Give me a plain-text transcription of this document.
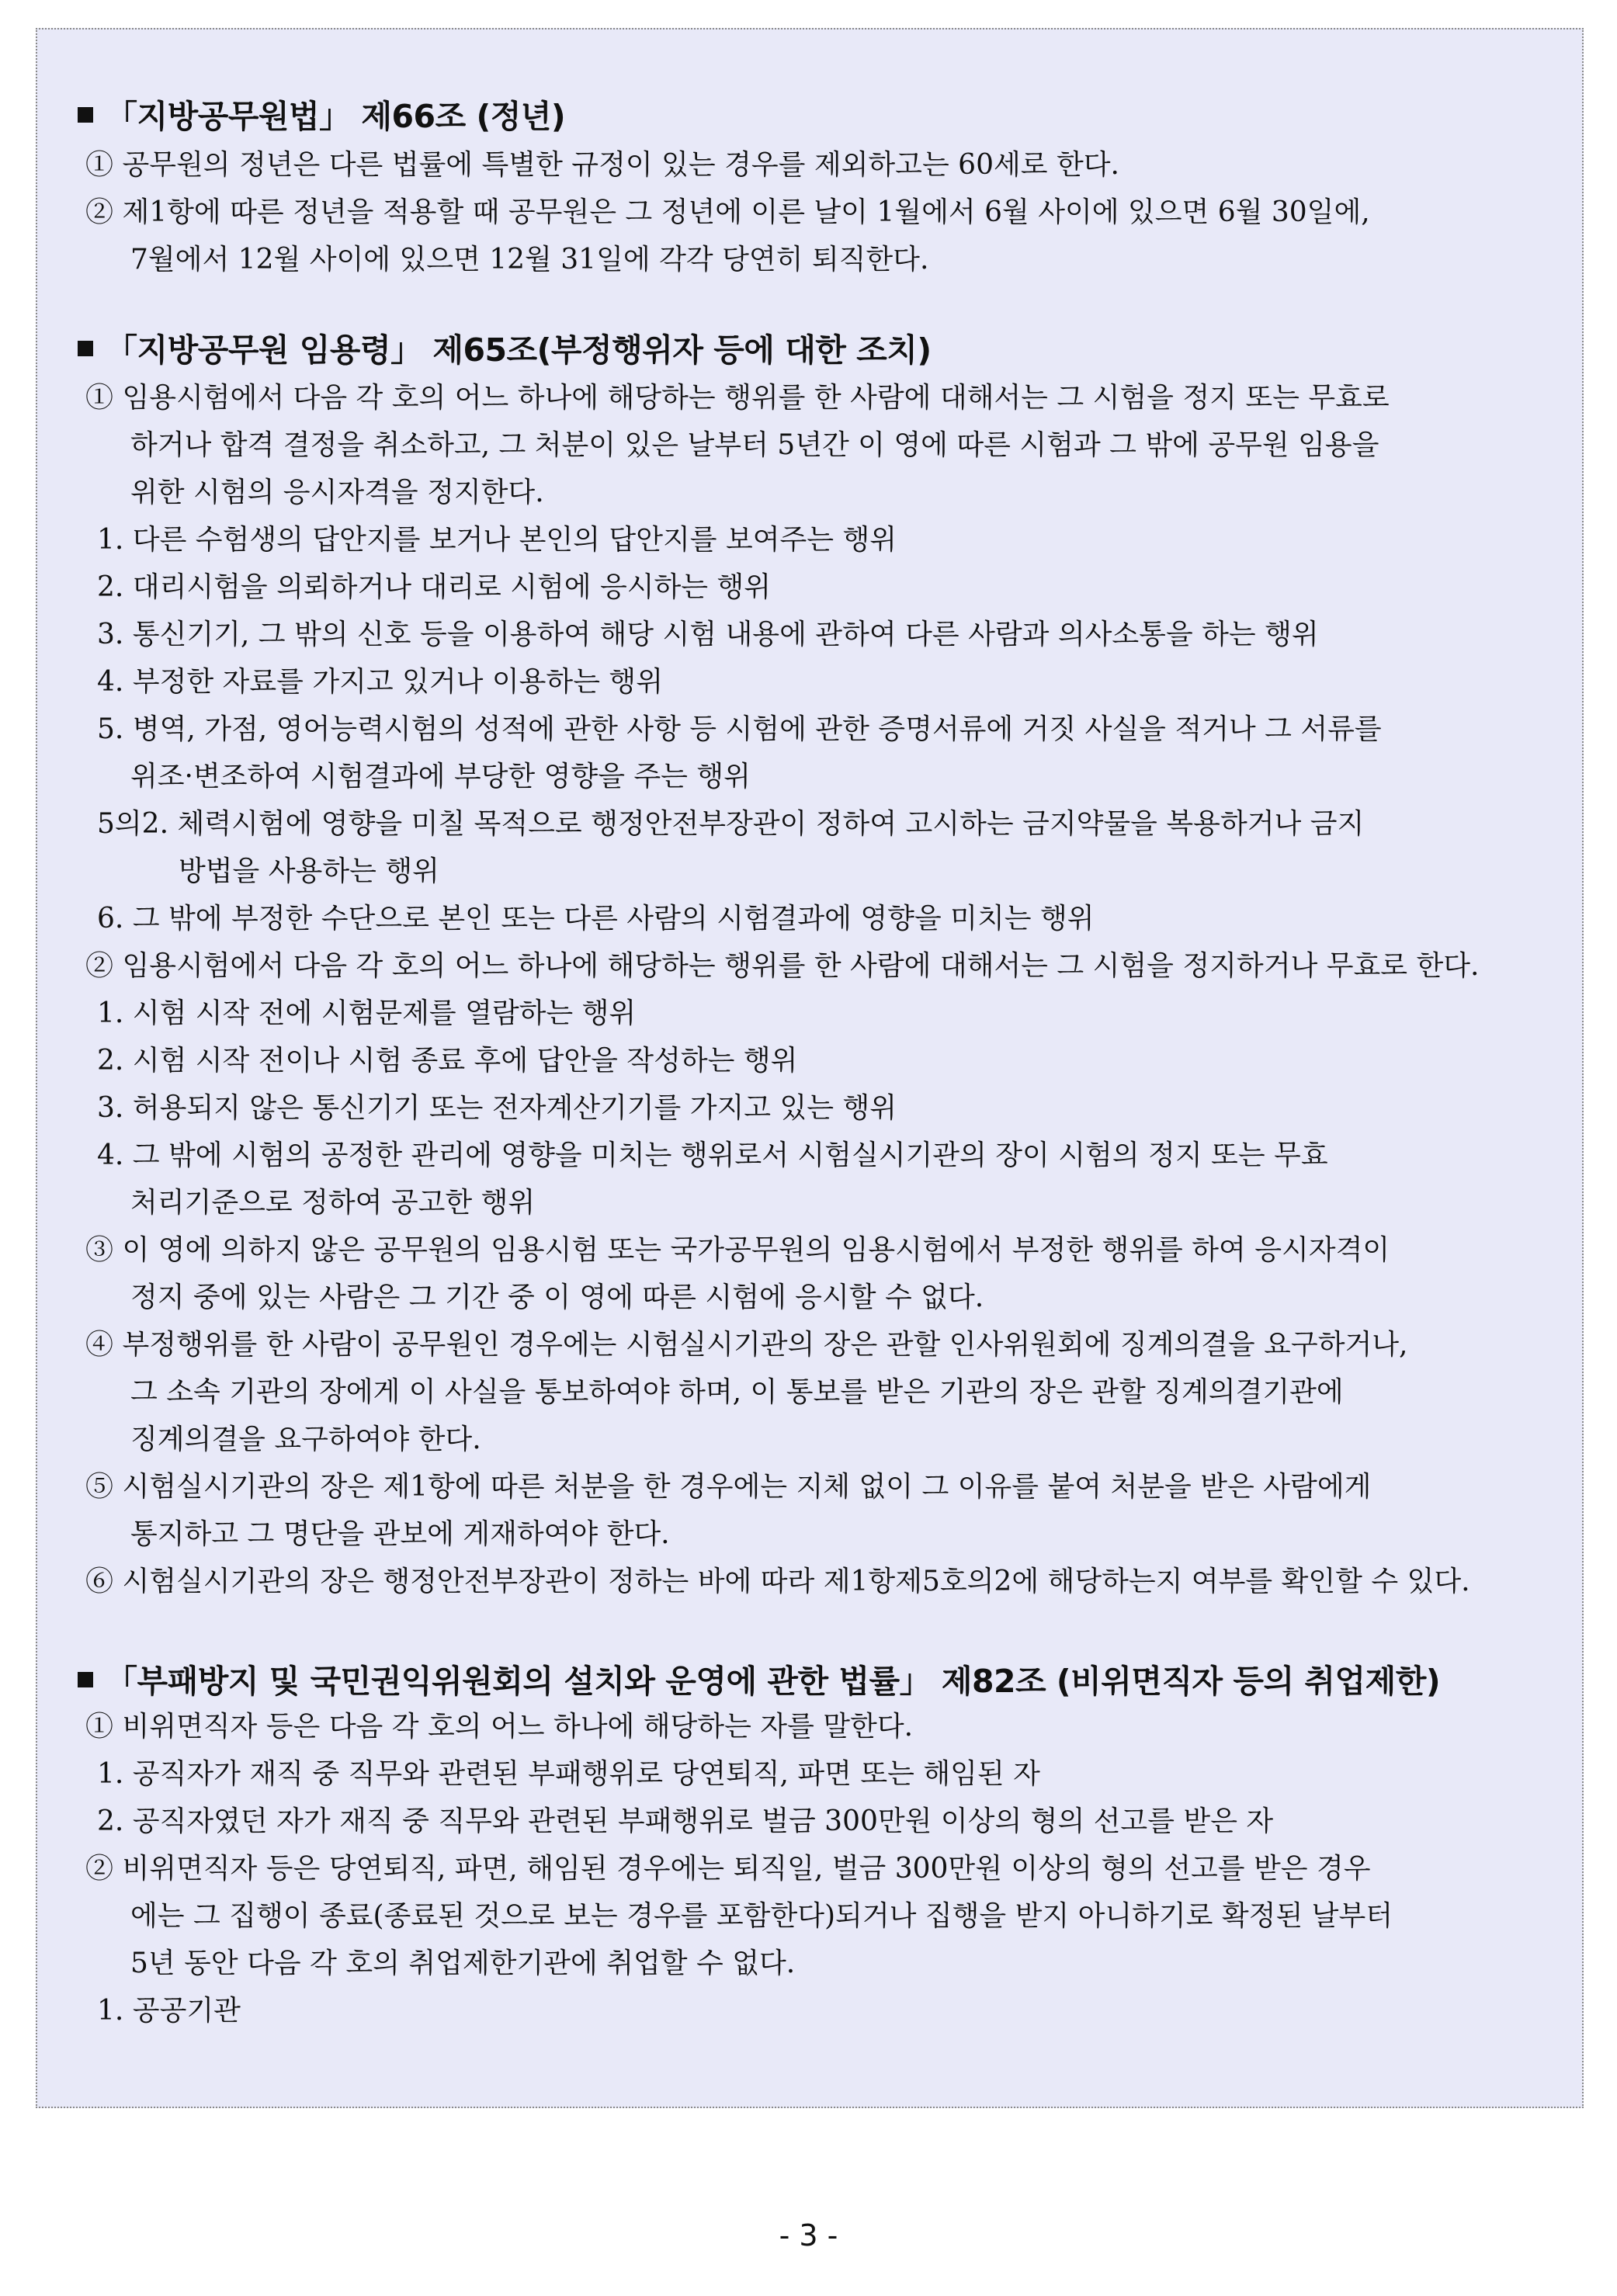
「지방공무원법」 제66조 (정년)
① 공무원의 정년은 다른 법률에 특별한 규정이 있는 경우를 제외하고는 60세로 한다.
② 제1항에 따른 정년을 적용할 때 공무원은 그 정년에 이른 날이 1월에서 6월 사이에 있으면 6월 30일에,
7월에서 12월 사이에 있으면 12월 31일에 각각 당연히 퇴직한다.
「지방공무원 임용령」 제65조(부정행위자 등에 대한 조치)
① 임용시험에서 다음 각 호의 어느 하나에 해당하는 행위를 한 사람에 대해서는 그 시험을 정지 또는 무효로
하거나 합격 결정을 취소하고, 그 처분이 있은 날부터 5년간 이 영에 따른 시험과 그 밖에 공무원 임용을
위한 시험의 응시자격을 정지한다.
1. 다른 수험생의 답안지를 보거나 본인의 답안지를 보여주는 행위
2. 대리시험을 의뢰하거나 대리로 시험에 응시하는 행위
3. 통신기기, 그 밖의 신호 등을 이용하여 해당 시험 내용에 관하여 다른 사람과 의사소통을 하는 행위
4. 부정한 자료를 가지고 있거나 이용하는 행위
5. 병역, 가점, 영어능력시험의 성적에 관한 사항 등 시험에 관한 증명서류에 거짓 사실을 적거나 그 서류를
위조·변조하여 시험결과에 부당한 영향을 주는 행위
5의2. 체력시험에 영향을 미칠 목적으로 행정안전부장관이 정하여 고시하는 금지약물을 복용하거나 금지
방법을 사용하는 행위
6. 그 밖에 부정한 수단으로 본인 또는 다른 사람의 시험결과에 영향을 미치는 행위
② 임용시험에서 다음 각 호의 어느 하나에 해당하는 행위를 한 사람에 대해서는 그 시험을 정지하거나 무효로 한다.
1. 시험 시작 전에 시험문제를 열람하는 행위
2. 시험 시작 전이나 시험 종료 후에 답안을 작성하는 행위
3. 허용되지 않은 통신기기 또는 전자계산기기를 가지고 있는 행위
4. 그 밖에 시험의 공정한 관리에 영향을 미치는 행위로서 시험실시기관의 장이 시험의 정지 또는 무효
처리기준으로 정하여 공고한 행위
③ 이 영에 의하지 않은 공무원의 임용시험 또는 국가공무원의 임용시험에서 부정한 행위를 하여 응시자격이
정지 중에 있는 사람은 그 기간 중 이 영에 따른 시험에 응시할 수 없다.
④ 부정행위를 한 사람이 공무원인 경우에는 시험실시기관의 장은 관할 인사위원회에 징계의결을 요구하거나,
그 소속 기관의 장에게 이 사실을 통보하여야 하며, 이 통보를 받은 기관의 장은 관할 징계의결기관에
징계의결을 요구하여야 한다.
⑤ 시험실시기관의 장은 제1항에 따른 처분을 한 경우에는 지체 없이 그 이유를 붙여 처분을 받은 사람에게
통지하고 그 명단을 관보에 게재하여야 한다.
⑥ 시험실시기관의 장은 행정안전부장관이 정하는 바에 따라 제1항제5호의2에 해당하는지 여부를 확인할 수 있다.
「부패방지 및 국민권익위원회의 설치와 운영에 관한 법률」 제82조 (비위면직자 등의 취업제한)
① 비위면직자 등은 다음 각 호의 어느 하나에 해당하는 자를 말한다.
1. 공직자가 재직 중 직무와 관련된 부패행위로 당연퇴직, 파면 또는 해임된 자
2. 공직자였던 자가 재직 중 직무와 관련된 부패행위로 벌금 300만원 이상의 형의 선고를 받은 자
② 비위면직자 등은 당연퇴직, 파면, 해임된 경우에는 퇴직일, 벌금 300만원 이상의 형의 선고를 받은 경우
에는 그 집행이 종료(종료된 것으로 보는 경우를 포함한다)되거나 집행을 받지 아니하기로 확정된 날부터
5년 동안 다음 각 호의 취업제한기관에 취업할 수 없다.
1. 공공기관
- 3 -
